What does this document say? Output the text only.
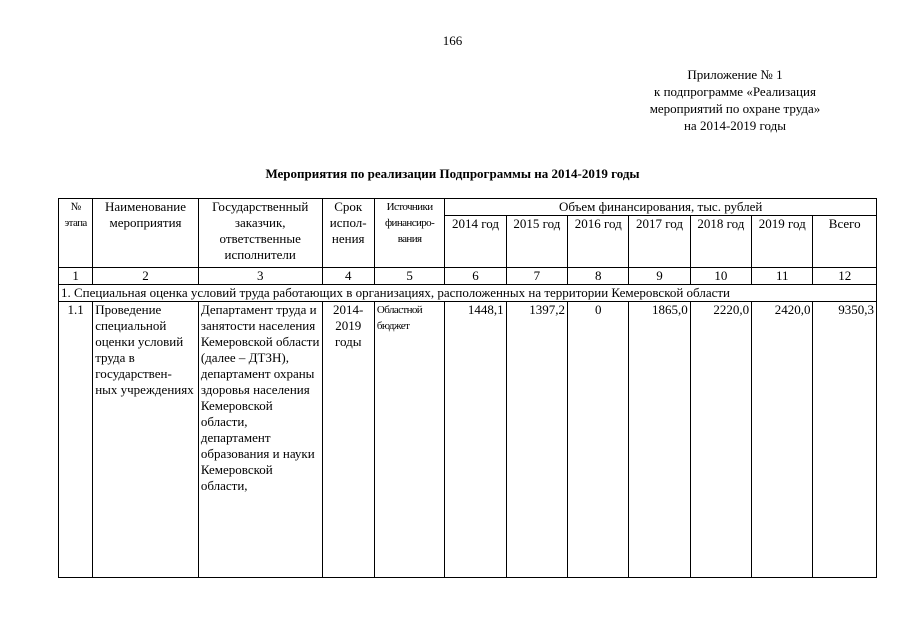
166
Приложение № 1
к подпрограмме «Реализация
мероприятий по охране труда»
на 2014-2019 годы
Мероприятия по реализации Подпрограммы на 2014-2019 годы
№ этапа	Наименование мероприятия	Государственный заказчик, ответственные исполнители	Срок испол- нения	Источники финансиро- вания	Объем финансирования, тыс. рублей						
					2014 год	2015 год	2016 год	2017 год	2018 год	2019 год	Всего
1	2	3	4	5	6	7	8	9	10	11	12
1. Специальная оценка условий труда работающих в организациях, расположенных на территории Кемеровской области											
1.1	Проведение специальной оценки условий труда в государствен- ных учреждениях	Департамент труда и занятости населения Кемеровской области (далее – ДТЗН), департамент охраны здоровья населения Кемеровской области, департамент образования и науки Кемеровской области,	2014- 2019 годы	Областной бюджет	1448,1	1397,2	0	1865,0	2220,0	2420,0	9350,3
